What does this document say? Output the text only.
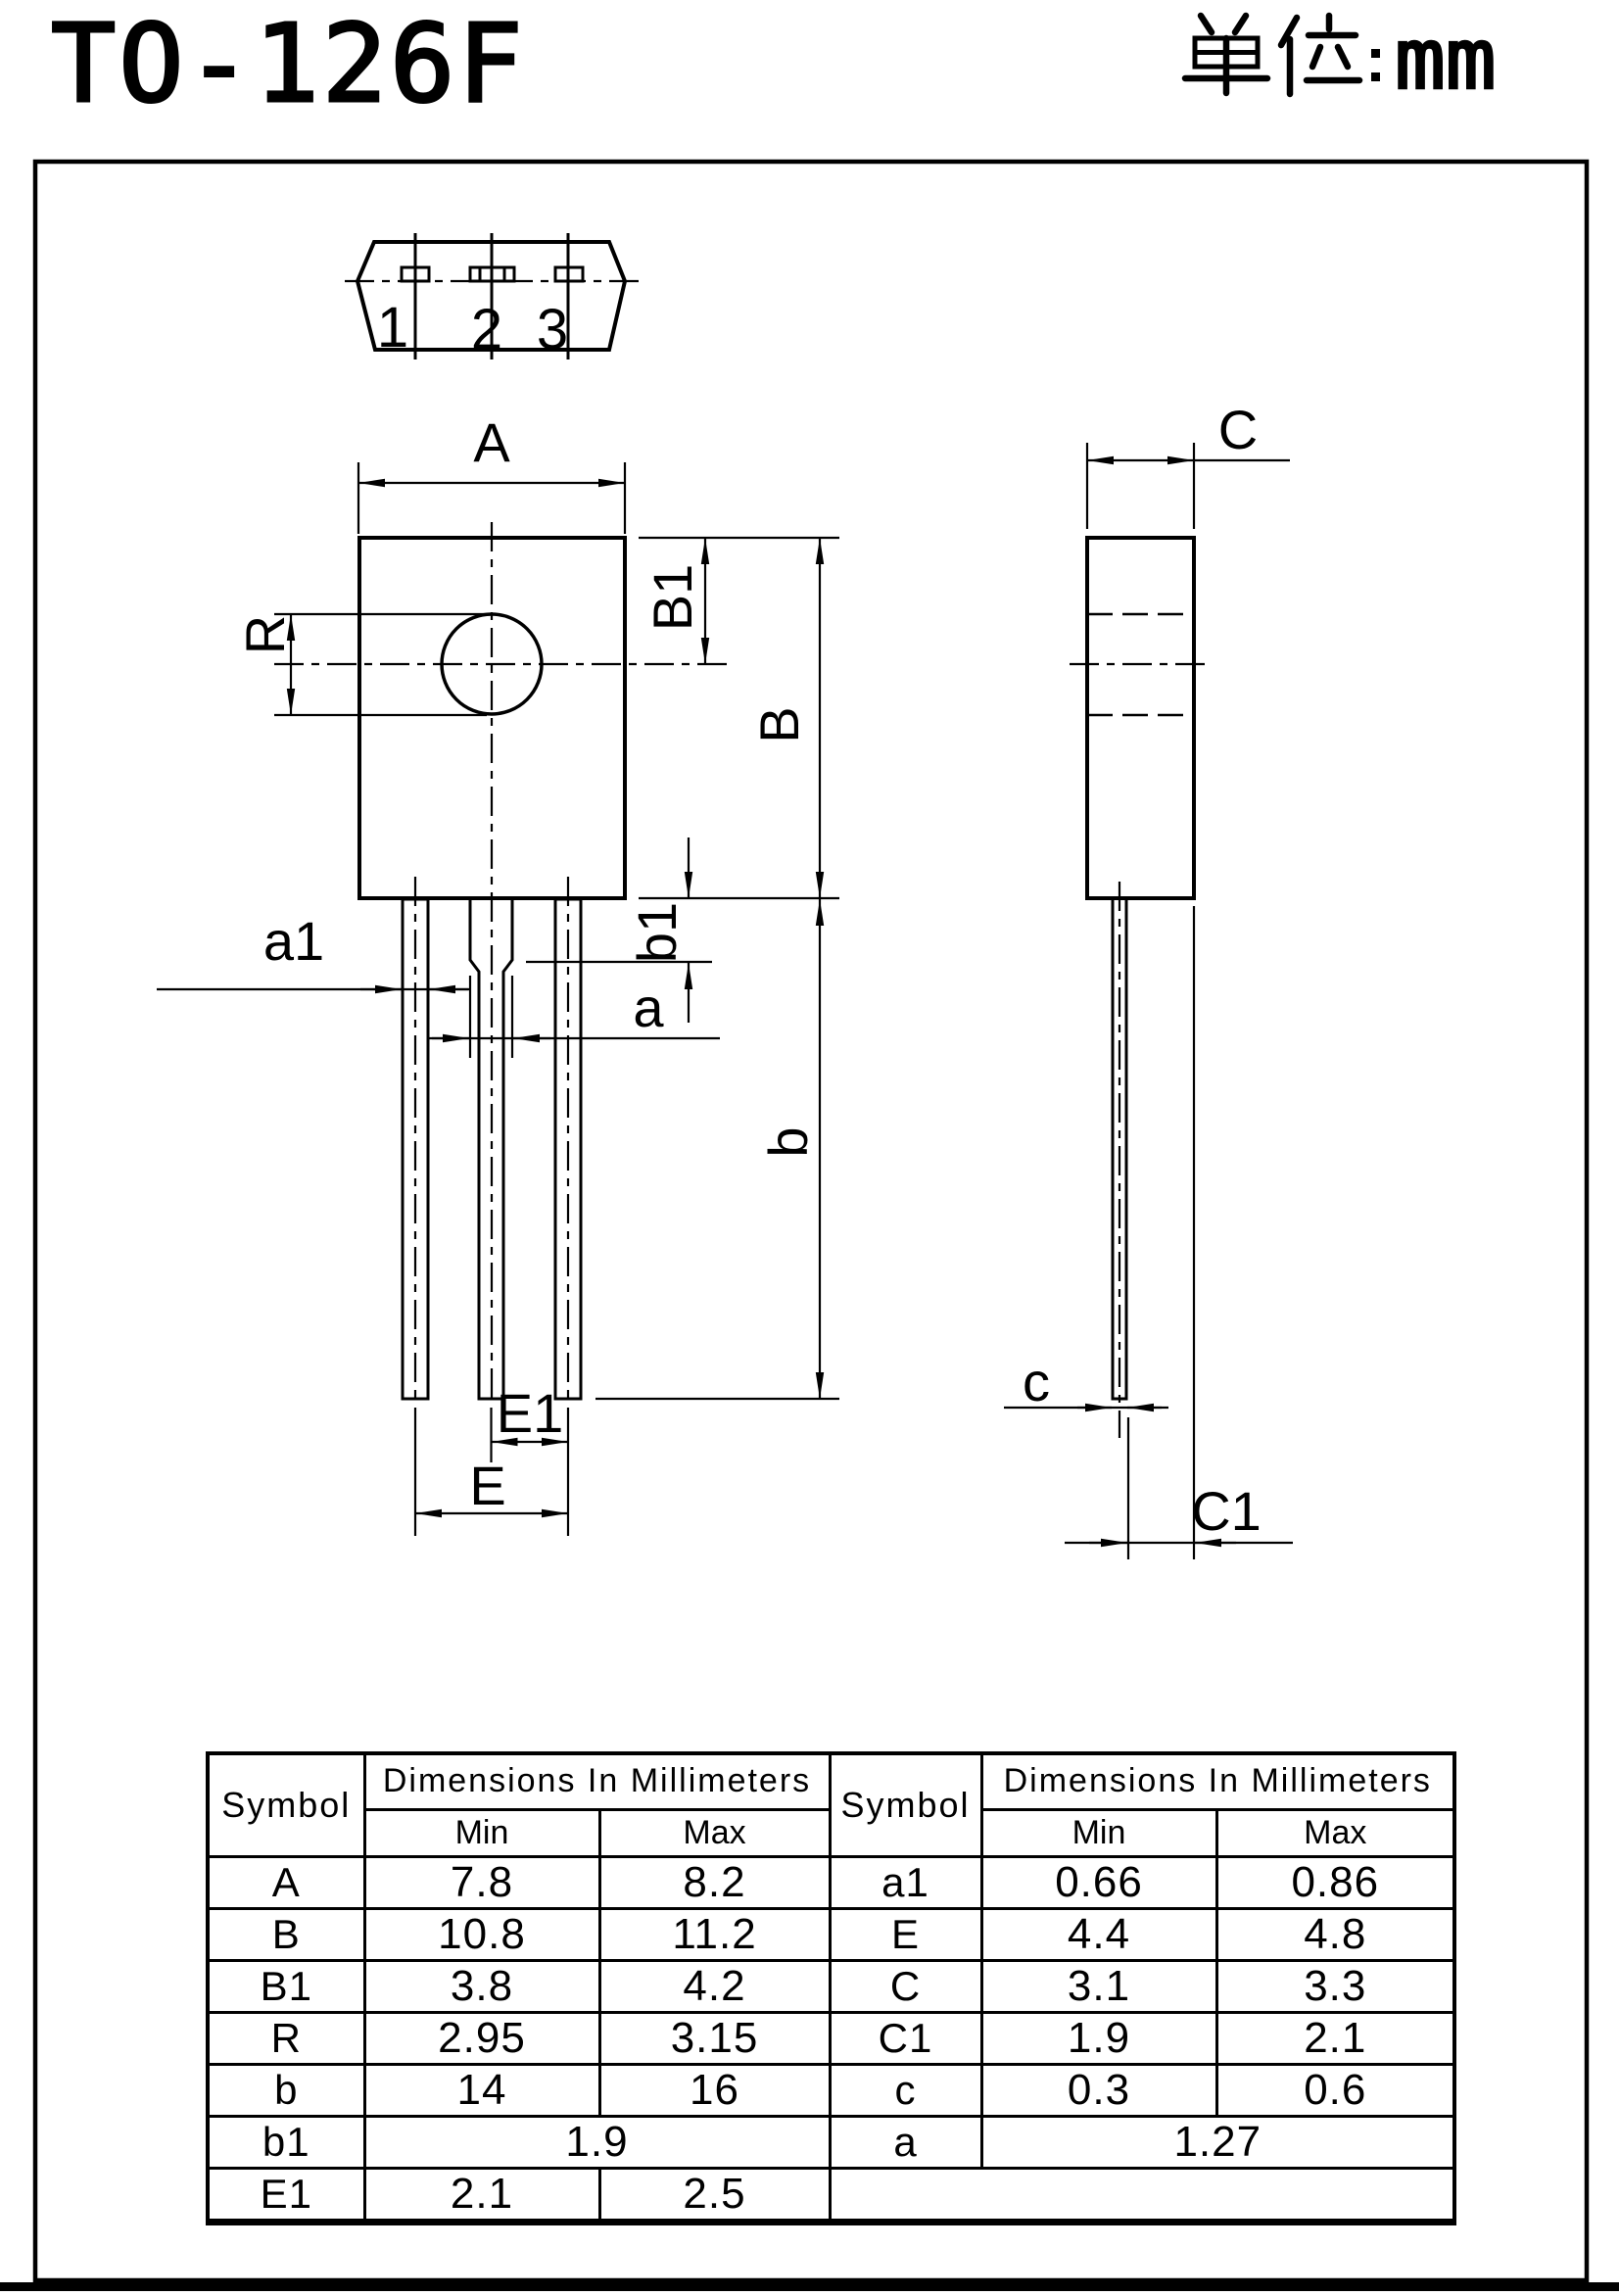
TO-126F	mm
1 2 3
A
R
B1
B
b
b1
a1
a
E1
E
C
c
C1
Symbol	Dimensions In Millimeters		Symbol	Dimensions In Millimeters	
	Min	Max		Min	Max
A	7.8	8.2	a1	0.66	0.86
B	10.8	11.2	E	4.4	4.8
B1	3.8	4.2	C	3.1	3.3
R	2.95	3.15	C1	1.9	2.1
b	14	16	c	0.3	0.6
b1	1.9		a	1.27	
E1	2.1	2.5			
